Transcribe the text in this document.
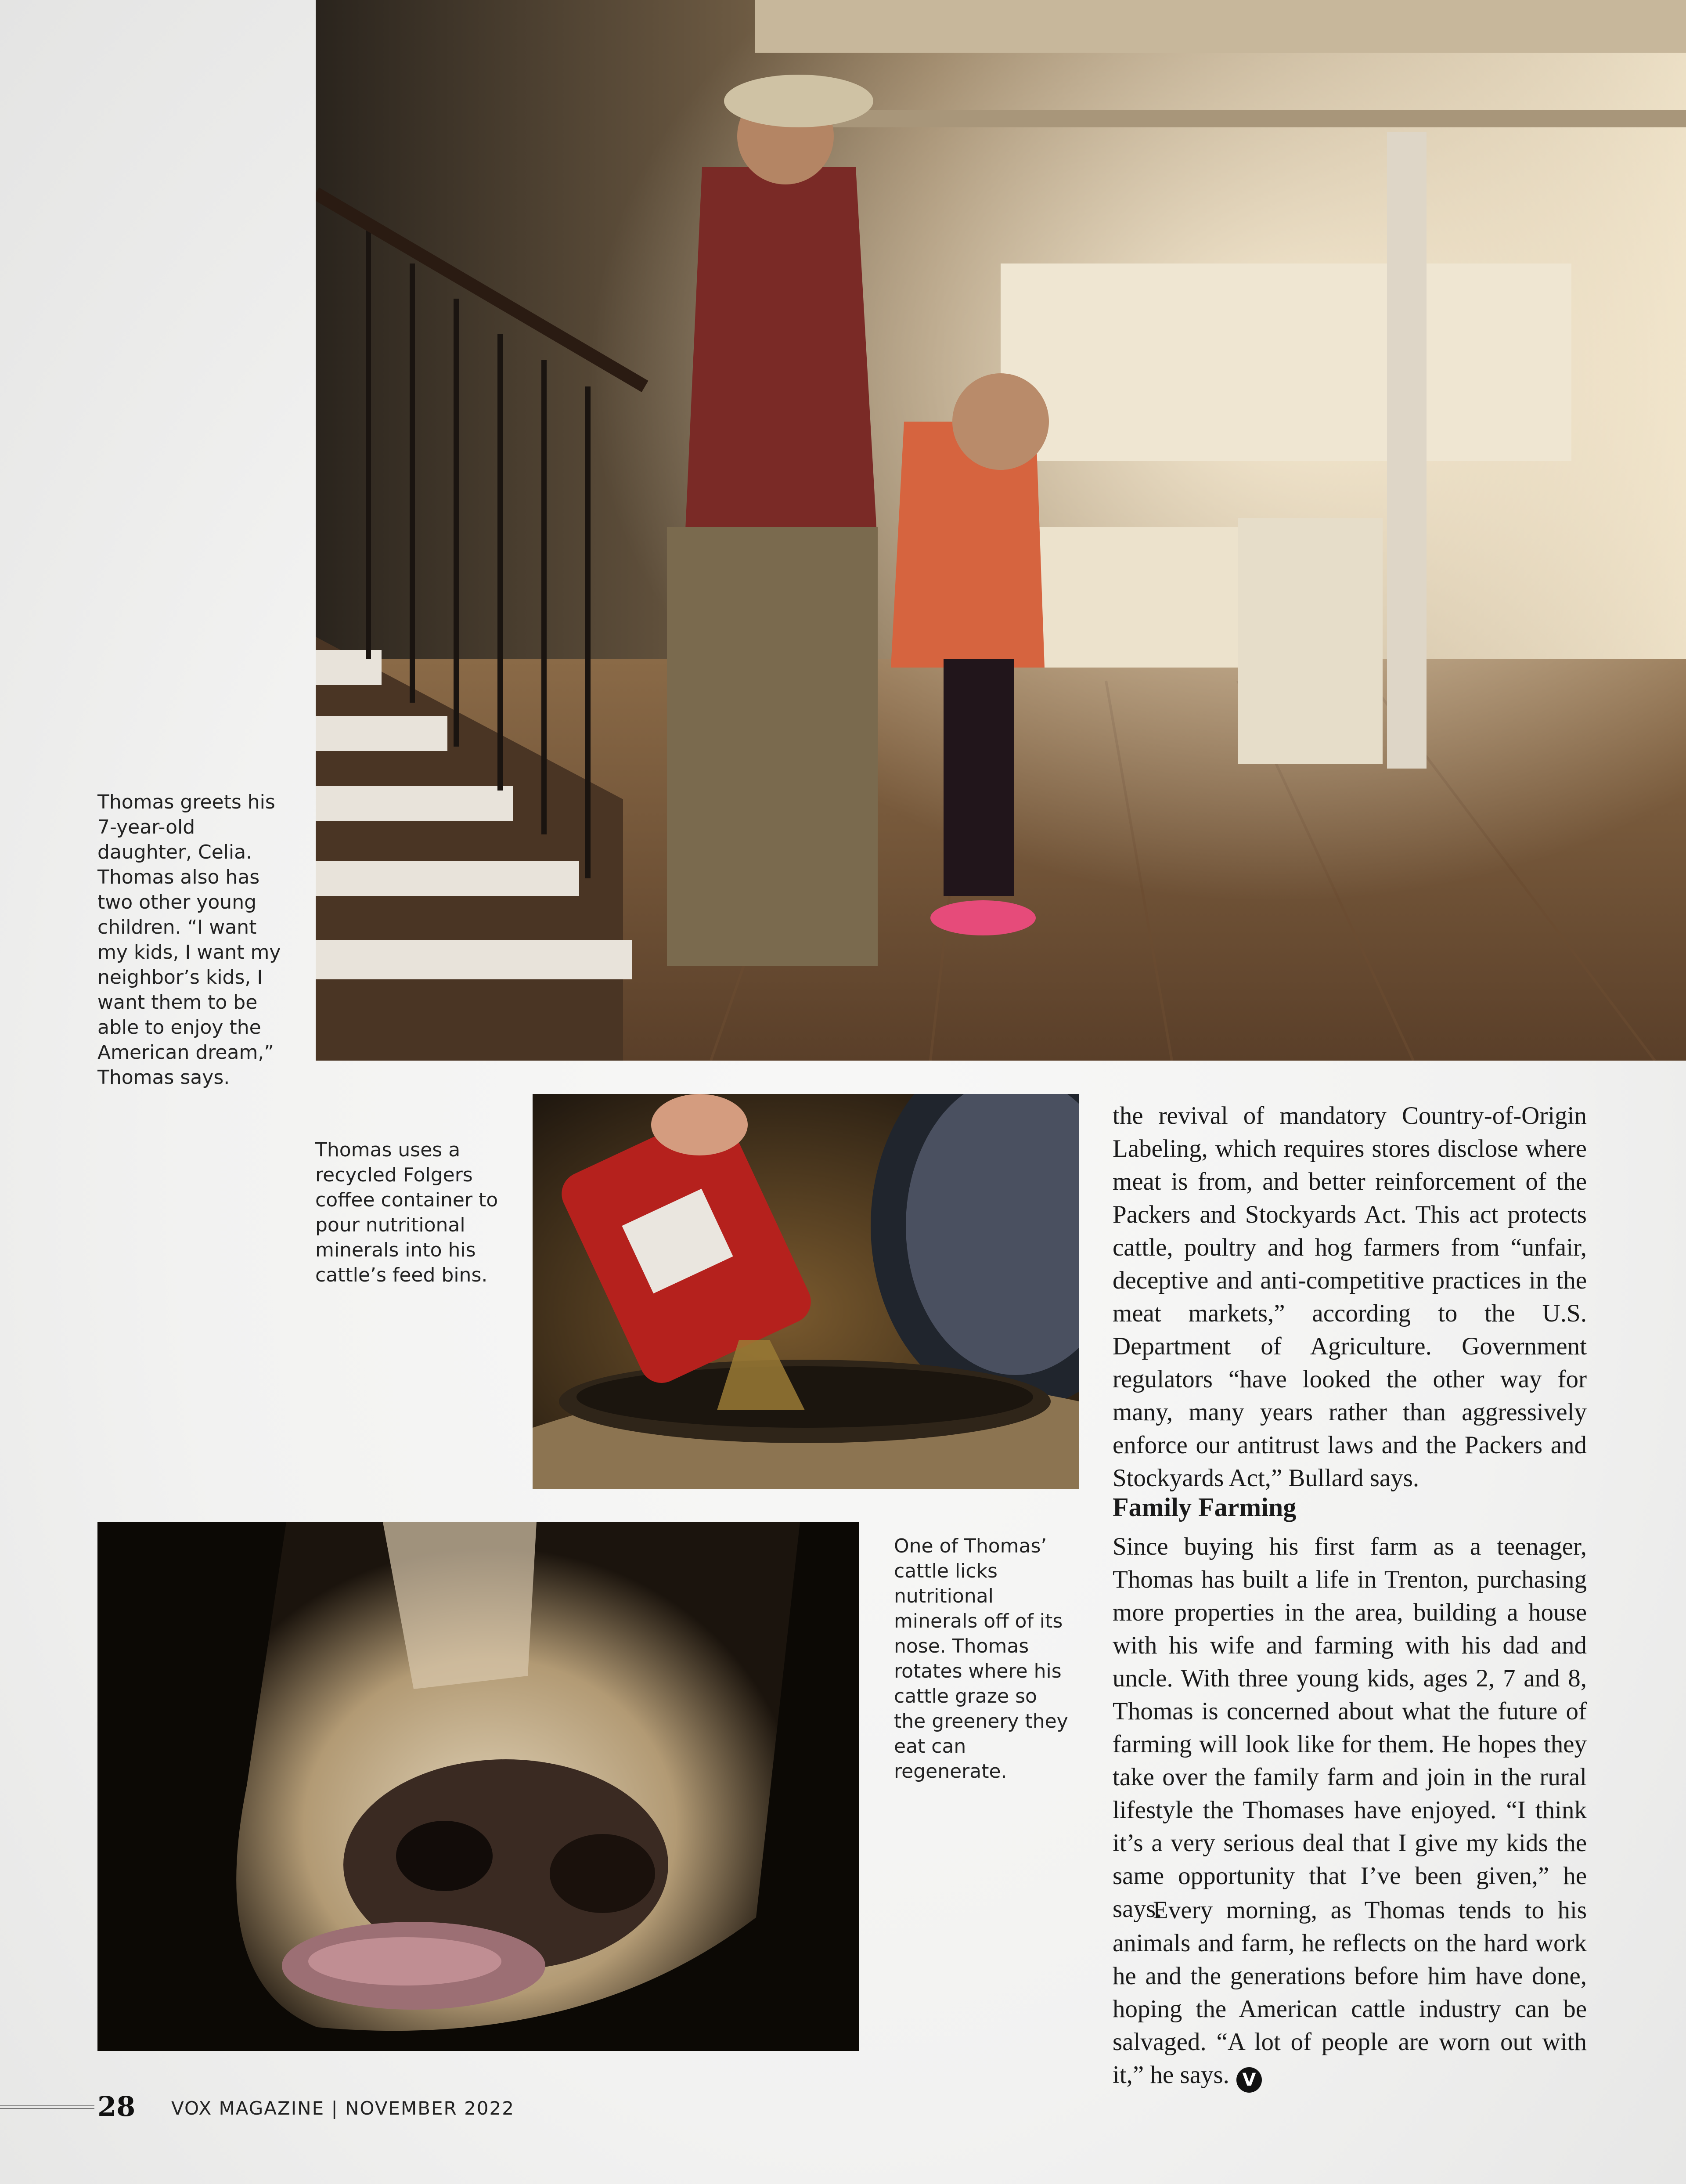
Thomas greets his 7-year-old daughter, Celia. Thomas also has two other young children. “I want my kids, I want my neighbor’s kids, I want them to be able to enjoy the American dream,” Thomas says.

Thomas uses a recycled Folgers coffee container to pour nutritional minerals into his cattle’s feed bins.

One of Thomas’ cattle licks nutritional minerals off of its nose. Thomas rotates where his cattle graze so the greenery they eat can regenerate.

the revival of mandatory Country-of-Origin Labeling, which requires stores disclose where meat is from, and better reinforcement of the Packers and Stockyards Act. This act protects cattle, poultry and hog farmers from “unfair, deceptive and anti-competitive practices in the meat markets,” according to the U.S. Department of Agriculture. Government regulators “have looked the other way for many, many years rather than aggressively enforce our antitrust laws and the Packers and Stockyards Act,” Bullard says.

Family Farming

Since buying his first farm as a teenager, Thomas has built a life in Trenton, purchasing more properties in the area, building a house with his wife and farming with his dad and uncle. With three young kids, ages 2, 7 and 8, Thomas is concerned about what the future of farming will look like for them. He hopes they take over the family farm and join in the rural lifestyle the Thomases have enjoyed. “I think it’s a very serious deal that I give my kids the same opportunity that I’ve been given,” he says.

Every morning, as Thomas tends to his animals and farm, he reflects on the hard work he and the generations before him have done, hoping the American cattle industry can be salvaged. “A lot of people are worn out with it,” he says. V

28 VOX MAGAZINE | NOVEMBER 2022
